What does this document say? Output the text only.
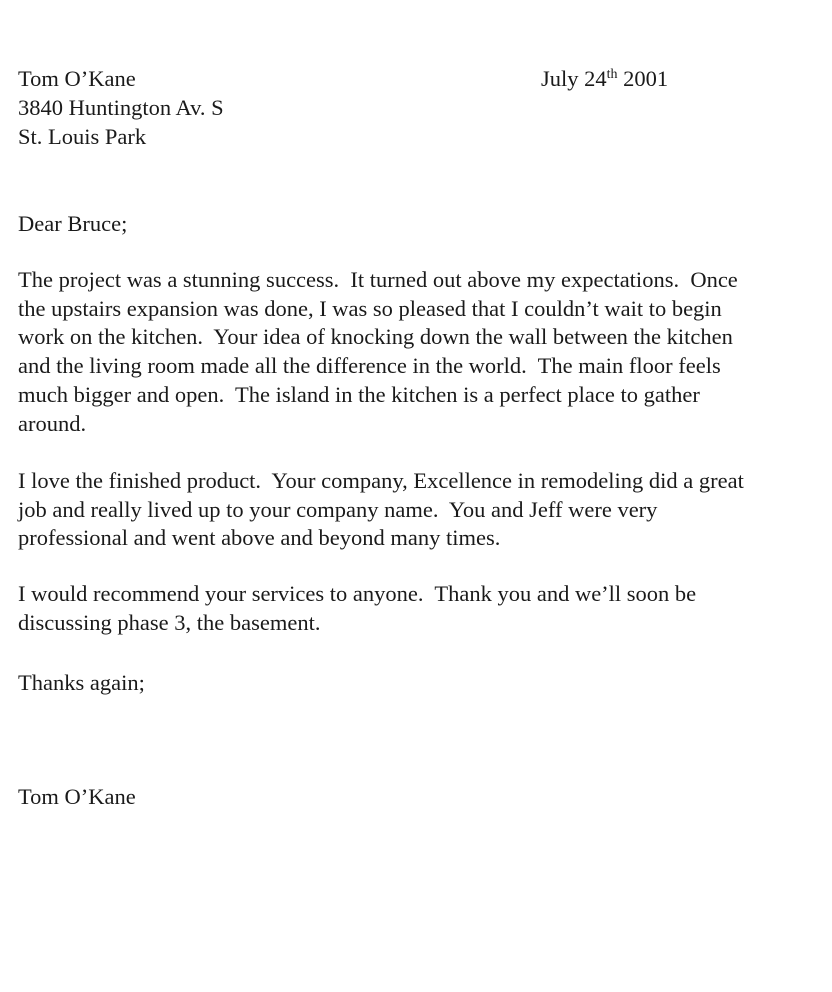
Tom O’Kane
3840 Huntington Av. S
St. Louis Park
July 24th 2001
Dear Bruce;
The project was a stunning success.  It turned out above my expectations.  Once
the upstairs expansion was done, I was so pleased that I couldn’t wait to begin
work on the kitchen.  Your idea of knocking down the wall between the kitchen
and the living room made all the difference in the world.  The main floor feels
much bigger and open.  The island in the kitchen is a perfect place to gather
around.
I love the finished product.  Your company, Excellence in remodeling did a great
job and really lived up to your company name.  You and Jeff were very
professional and went above and beyond many times.
I would recommend your services to anyone.  Thank you and we’ll soon be
discussing phase 3, the basement.
Thanks again;
Tom O’Kane
